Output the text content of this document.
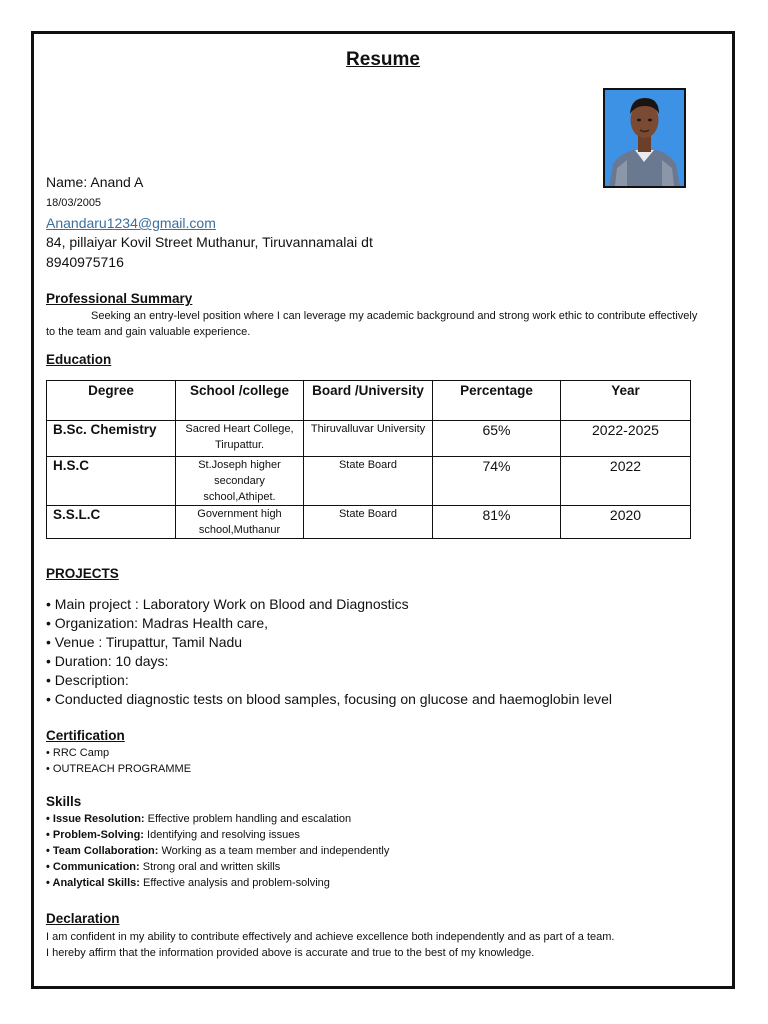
Resume
Name: Anand A
18/03/2005
Anandaru1234@gmail.com
84, pillaiyar Kovil Street Muthanur, Tiruvannamalai dt
8940975716
Professional Summary
Seeking an entry-level position where I can leverage my academic background and strong work ethic to contribute effectively to the team and gain valuable experience.
Education
Degree	School /college	Board /University	Percentage	Year
B.Sc. Chemistry	Sacred Heart College, Tirupattur.	Thiruvalluvar University	65%	2022-2025
H.S.C	St.Joseph higher secondary school,Athipet.	State Board	74%	2022
S.S.L.C	Government high school,Muthanur	State Board	81%	2020
PROJECTS
• Main project : Laboratory Work on Blood and Diagnostics
• Organization: Madras Health care,
• Venue : Tirupattur, Tamil Nadu
• Duration: 10 days:
• Description:
• Conducted diagnostic tests on blood samples, focusing on glucose and haemoglobin level
Certification
• RRC Camp
• OUTREACH PROGRAMME
Skills
• Issue Resolution: Effective problem handling and escalation
• Problem-Solving: Identifying and resolving issues
• Team Collaboration: Working as a team member and independently
• Communication: Strong oral and written skills
• Analytical Skills: Effective analysis and problem-solving
Declaration
I am confident in my ability to contribute effectively and achieve excellence both independently and as part of a team.
I hereby affirm that the information provided above is accurate and true to the best of my knowledge.
